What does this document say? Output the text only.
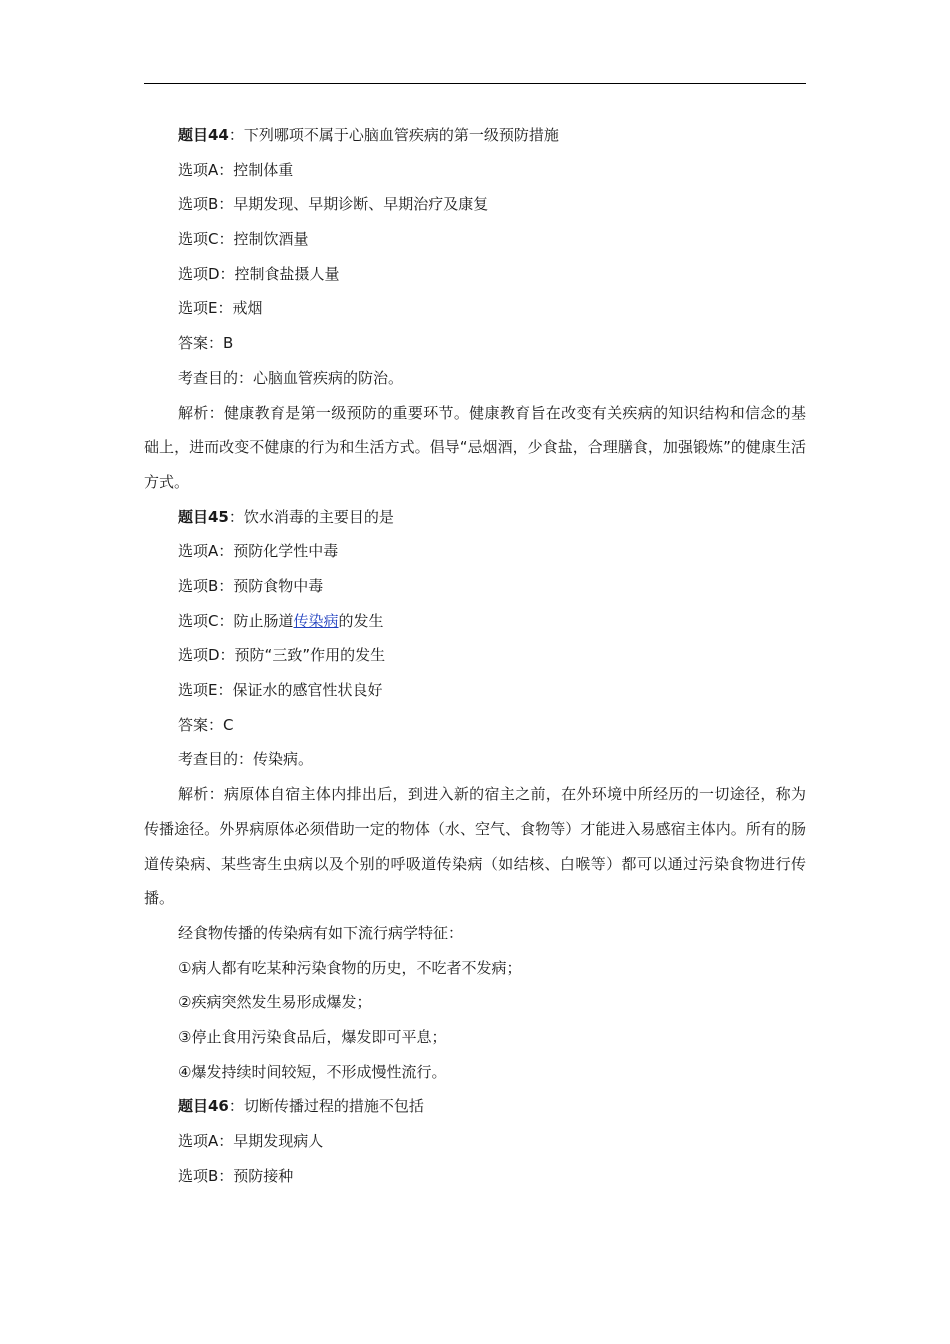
题目44：下列哪项不属于心脑血管疾病的第一级预防措施
选项A：控制体重
选项B：早期发现、早期诊断、早期治疗及康复
选项C：控制饮酒量
选项D：控制食盐摄人量
选项E：戒烟
答案：B
考查目的：心脑血管疾病的防治。

解析：健康教育是第一级预防的重要环节。健康教育旨在改变有关疾病的知识结构和信念的基础上，进而改变不健康的行为和生活方式。倡导“忌烟酒，少食盐，合理膳食，加强锻炼”的健康生活方式。

题目45：饮水消毒的主要目的是
选项A：预防化学性中毒
选项B：预防食物中毒
选项C：防止肠道传染病的发生
选项D：预防“三致”作用的发生
选项E：保证水的感官性状良好
答案：C
考查目的：传染病。

解析：病原体自宿主体内排出后，到进入新的宿主之前，在外环境中所经历的一切途径，称为传播途径。外界病原体必须借助一定的物体（水、空气、食物等）才能进入易感宿主体内。所有的肠道传染病、某些寄生虫病以及个别的呼吸道传染病（如结核、白喉等）都可以通过污染食物进行传播。

经食物传播的传染病有如下流行病学特征：
①病人都有吃某种污染食物的历史，不吃者不发病；
②疾病突然发生易形成爆发；
③停止食用污染食品后，爆发即可平息；
④爆发持续时间较短，不形成慢性流行。
题目46：切断传播过程的措施不包括
选项A：早期发现病人
选项B：预防接种
